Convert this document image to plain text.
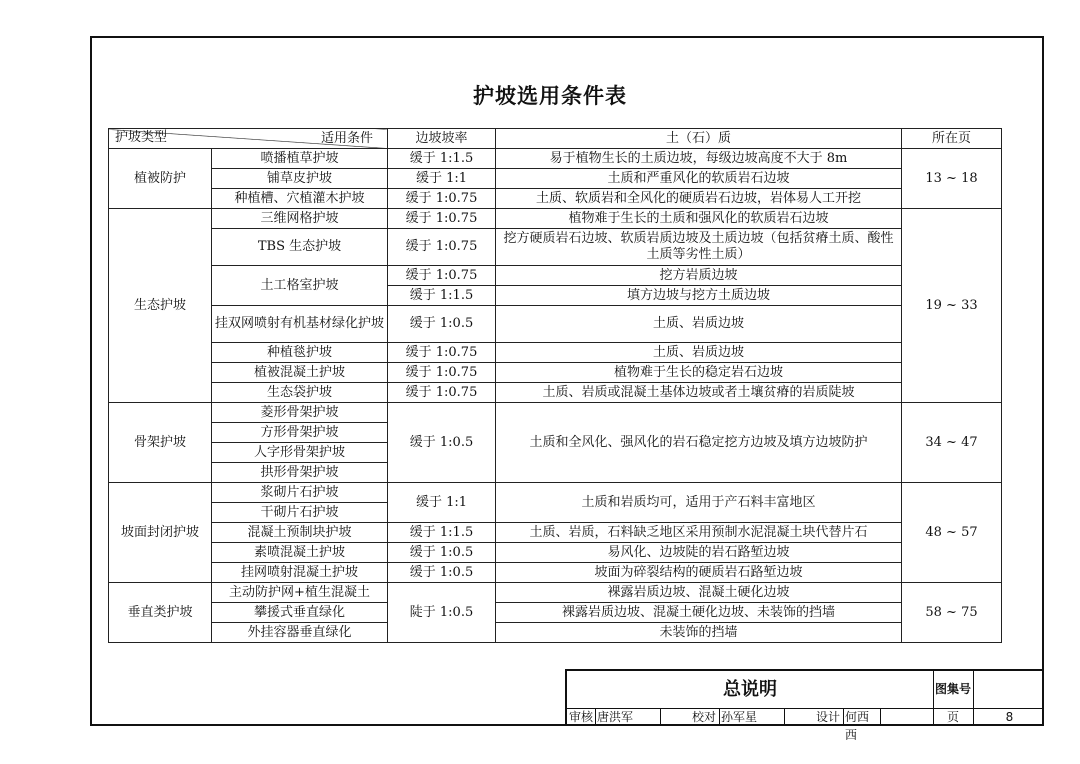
护坡选用条件表
护坡类型 适用条件		边坡坡率	土（石）质	所在页
植被防护	喷播植草护坡	缓于 1:1.5	易于植物生长的土质边坡，每级边坡高度不大于 8m	13 ~ 18
	铺草皮护坡	缓于 1:1	土质和严重风化的软质岩石边坡	
	种植槽、穴植灌木护坡	缓于 1:0.75	土质、软质岩和全风化的硬质岩石边坡，岩体易人工开挖	
生态护坡	三维网格护坡	缓于 1:0.75	植物难于生长的土质和强风化的软质岩石边坡	19 ~ 33
	TBS 生态护坡	缓于 1:0.75	挖方硬质岩石边坡、软质岩质边坡及土质边坡（包括贫瘠土质、酸性土质等劣性土质）	
	土工格室护坡	缓于 1:0.75	挖方岩质边坡	
		缓于 1:1.5	填方边坡与挖方土质边坡	
	挂双网喷射有机基材绿化护坡	缓于 1:0.5	土质、岩质边坡	
	种植毯护坡	缓于 1:0.75	土质、岩质边坡	
	植被混凝土护坡	缓于 1:0.75	植物难于生长的稳定岩石边坡	
	生态袋护坡	缓于 1:0.75	土质、岩质或混凝土基体边坡或者土壤贫瘠的岩质陡坡	
骨架护坡	菱形骨架护坡	缓于 1:0.5	土质和全风化、强风化的岩石稳定挖方边坡及填方边坡防护	34 ~ 47
	方形骨架护坡			
	人字形骨架护坡			
	拱形骨架护坡			
坡面封闭护坡	浆砌片石护坡	缓于 1:1	土质和岩质均可，适用于产石料丰富地区	48 ~ 57
	干砌片石护坡			
	混凝土预制块护坡	缓于 1:1.5	土质、岩质，石料缺乏地区采用预制水泥混凝土块代替片石	
	素喷混凝土护坡	缓于 1:0.5	易风化、边坡陡的岩石路堑边坡	
	挂网喷射混凝土护坡	缓于 1:0.5	坡面为碎裂结构的硬质岩石路堑边坡	
垂直类护坡	主动防护网+植生混凝土	陡于 1:0.5	裸露岩质边坡、混凝土硬化边坡	58 ~ 75
	攀援式垂直绿化		裸露岩质边坡、混凝土硬化边坡、未装饰的挡墙	
	外挂容器垂直绿化		未装饰的挡墙	
总说明	图集号
审核 唐洪军	校对 孙军星	设计 何西西
页	8
